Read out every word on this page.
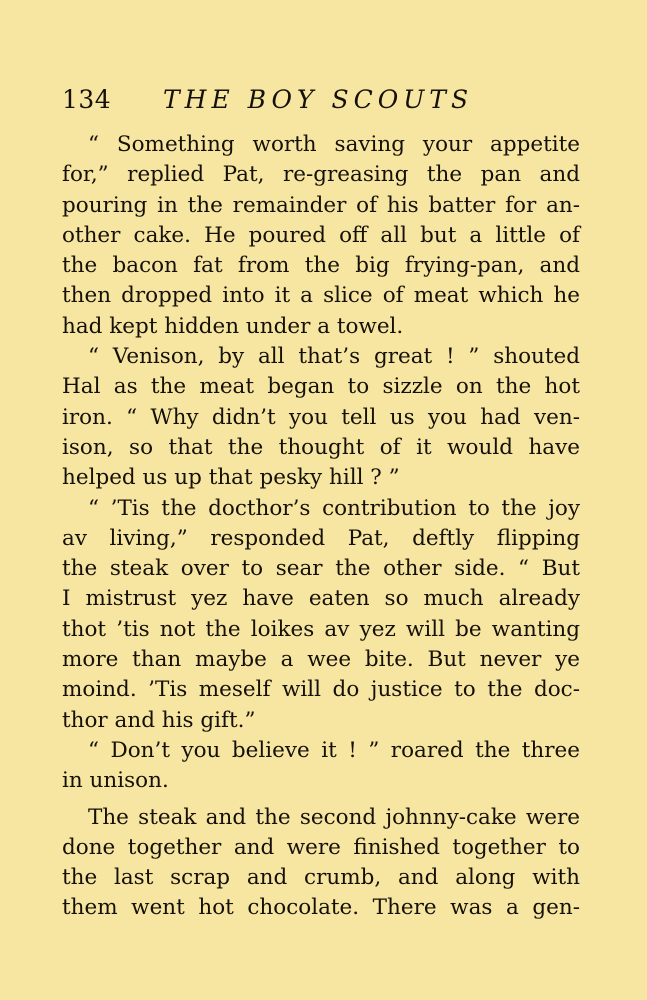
134 THE BOY SCOUTS
“ Something worth saving your appetite
for,” replied Pat, re-greasing the pan and
pouring in the remainder of his batter for an-
other cake. He poured off all but a little of
the bacon fat from the big frying-pan, and
then dropped into it a slice of meat which he
had kept hidden under a towel.
“ Venison, by all that’s great ! ” shouted
Hal as the meat began to sizzle on the hot
iron. “ Why didn’t you tell us you had ven-
ison, so that the thought of it would have
helped us up that pesky hill ? ”
“ ’Tis the docthor’s contribution to the joy
av living,” responded Pat, deftly flipping
the steak over to sear the other side. “ But
I mistrust yez have eaten so much already
thot ’tis not the loikes av yez will be wanting
more than maybe a wee bite. But never ye
moind. ’Tis meself will do justice to the doc-
thor and his gift.”
“ Don’t you believe it ! ” roared the three
in unison.
The steak and the second johnny-cake were
done together and were finished together to
the last scrap and crumb, and along with
them went hot chocolate. There was a gen-
